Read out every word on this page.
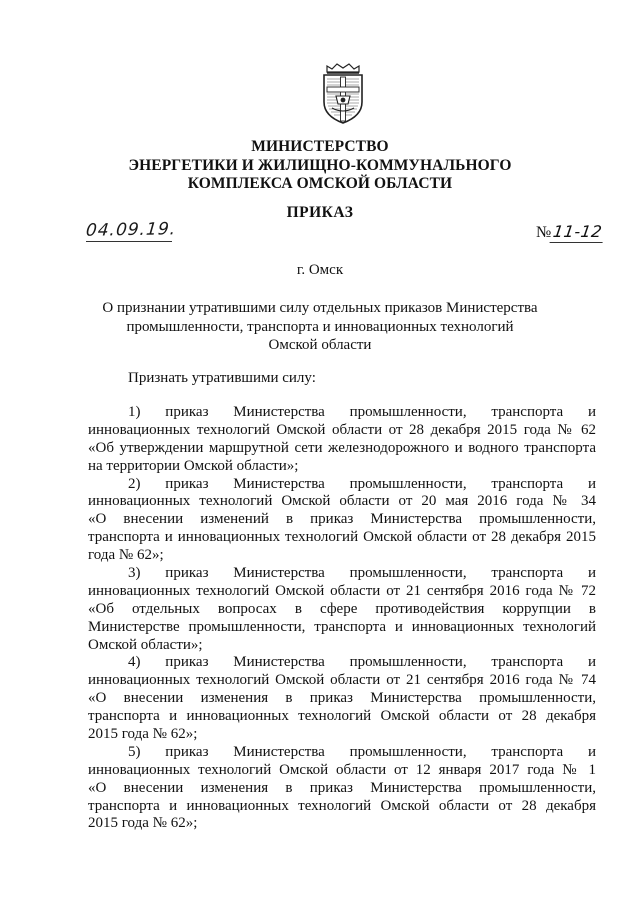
МИНИСТЕРСТВО
ЭНЕРГЕТИКИ И ЖИЛИЩНО-КОММУНАЛЬНОГО
КОМПЛЕКСА ОМСКОЙ ОБЛАСТИ
ПРИКАЗ
04.09.19.	№11-12
г. Омск
О признании утратившими силу отдельных приказов Министерства
промышленности, транспорта и инновационных технологий
Омской области
Признать утратившими силу:
1) приказ Министерства промышленности, транспорта и
инновационных технологий Омской области от 28 декабря 2015 года № 62
«Об утверждении маршрутной сети железнодорожного и водного транспорта
на территории Омской области»;
2) приказ Министерства промышленности, транспорта и
инновационных технологий Омской области от 20 мая 2016 года № 34
«О внесении изменений в приказ Министерства промышленности,
транспорта и инновационных технологий Омской области от 28 декабря 2015
года № 62»;
3) приказ Министерства промышленности, транспорта и
инновационных технологий Омской области от 21 сентября 2016 года № 72
«Об отдельных вопросах в сфере противодействия коррупции в
Министерстве промышленности, транспорта и инновационных технологий
Омской области»;
4) приказ Министерства промышленности, транспорта и
инновационных технологий Омской области от 21 сентября 2016 года № 74
«О внесении изменения в приказ Министерства промышленности,
транспорта и инновационных технологий Омской области от 28 декабря
2015 года № 62»;
5) приказ Министерства промышленности, транспорта и
инновационных технологий Омской области от 12 января 2017 года № 1
«О внесении изменения в приказ Министерства промышленности,
транспорта и инновационных технологий Омской области от 28 декабря
2015 года № 62»;
